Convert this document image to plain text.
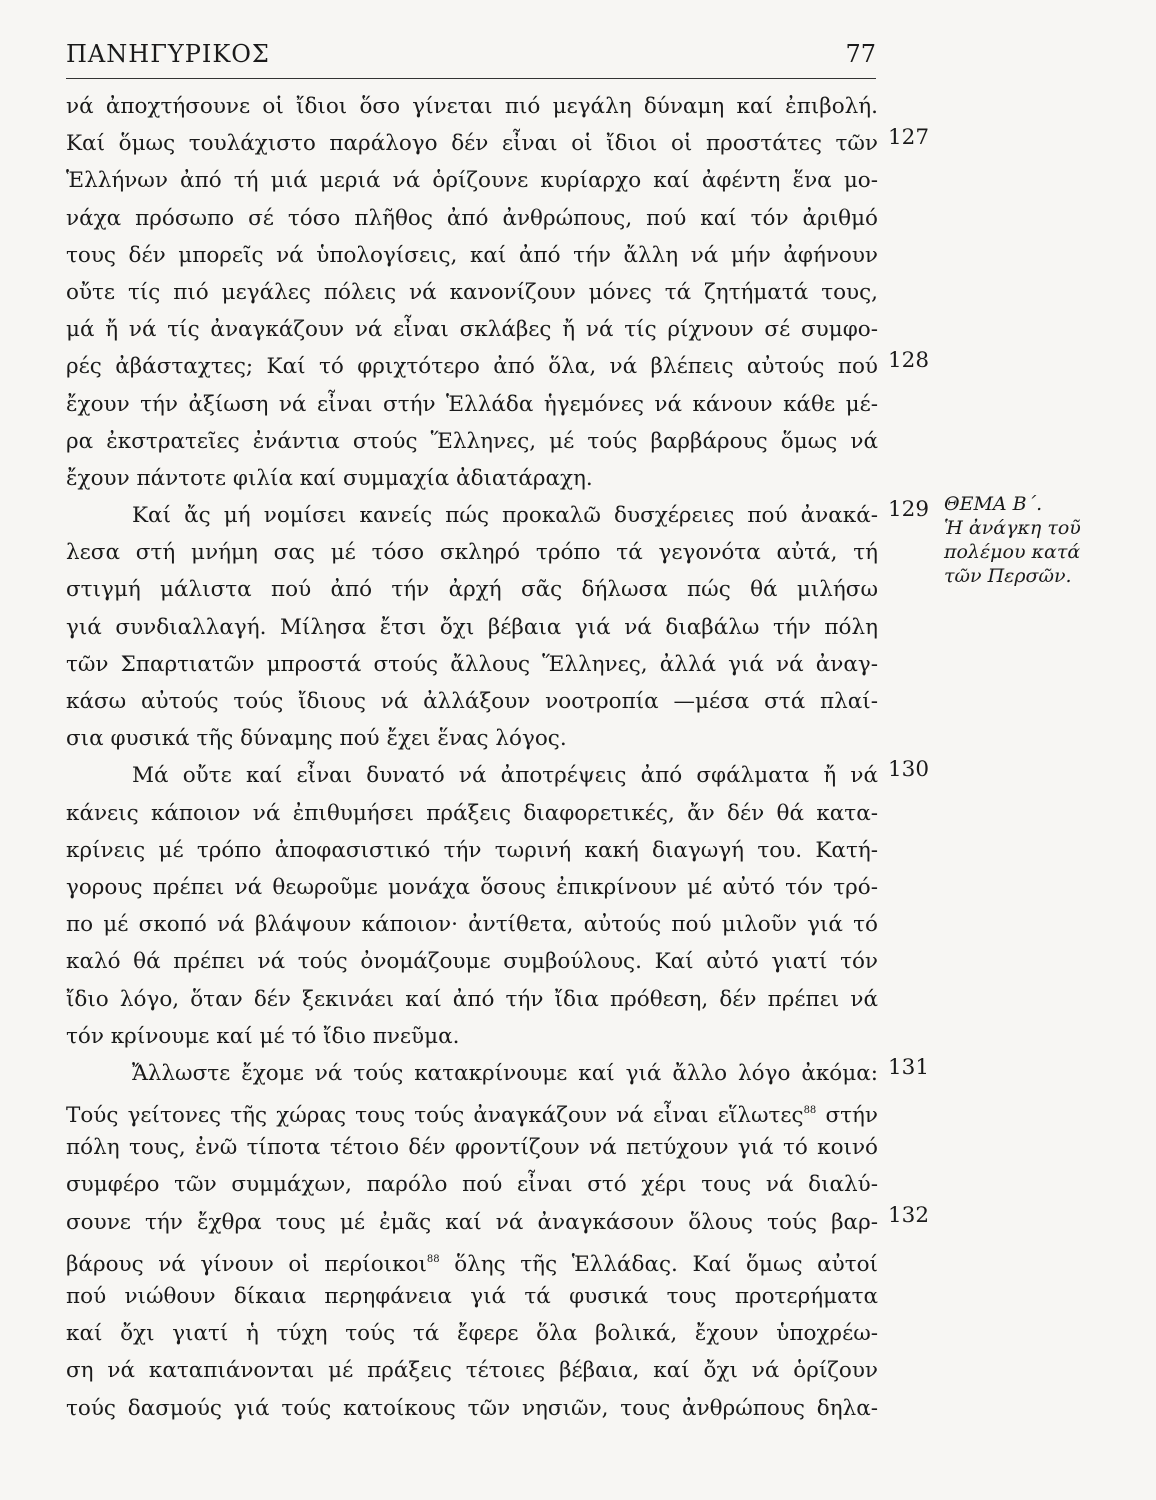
ΠΑΝΗΓΥΡΙΚΟΣ	77
νά ἀποχτήσουνε οἱ ἴδιοι ὅσο γίνεται πιό μεγάλη δύναμη καί ἐπιβολή.
Καί ὅμως τουλάχιστο παράλογο δέν εἶναι οἱ ἴδιοι οἱ προστάτες τῶν
Ἑλλήνων ἀπό τή μιά μεριά νά ὁρίζουνε κυρίαρχο καί ἀφέντη ἕνα μο-
νάχα πρόσωπο σέ τόσο πλῆθος ἀπό ἀνθρώπους, πού καί τόν ἀριθμό
τους δέν μπορεῖς νά ὑπολογίσεις, καί ἀπό τήν ἄλλη νά μήν ἀφήνουν
οὔτε τίς πιό μεγάλες πόλεις νά κανονίζουν μόνες τά ζητήματά τους,
μά ἤ νά τίς ἀναγκάζουν νά εἶναι σκλάβες ἤ νά τίς ρίχνουν σέ συμφο-
ρές ἀβάσταχτες; Καί τό φριχτότερο ἀπό ὅλα, νά βλέπεις αὐτούς πού
ἔχουν τήν ἀξίωση νά εἶναι στήν Ἑλλάδα ἡγεμόνες νά κάνουν κάθε μέ-
ρα ἐκστρατεῖες ἐνάντια στούς Ἕλληνες, μέ τούς βαρβάρους ὅμως νά
ἔχουν πάντοτε φιλία καί συμμαχία ἀδιατάραχη.
Καί ἄς μή νομίσει κανείς πώς προκαλῶ δυσχέρειες πού ἀνακά-
λεσα στή μνήμη σας μέ τόσο σκληρό τρόπο τά γεγονότα αὐτά, τή
στιγμή μάλιστα πού ἀπό τήν ἀρχή σᾶς δήλωσα πώς θά μιλήσω
γιά συνδιαλλαγή. Μίλησα ἔτσι ὄχι βέβαια γιά νά διαβάλω τήν πόλη
τῶν Σπαρτιατῶν μπροστά στούς ἄλλους Ἕλληνες, ἀλλά γιά νά ἀναγ-
κάσω αὐτούς τούς ἴδιους νά ἀλλάξουν νοοτροπία —μέσα στά πλαί-
σια φυσικά τῆς δύναμης πού ἔχει ἕνας λόγος.
Μά οὔτε καί εἶναι δυνατό νά ἀποτρέψεις ἀπό σφάλματα ἤ νά
κάνεις κάποιον νά ἐπιθυμήσει πράξεις διαφορετικές, ἄν δέν θά κατα-
κρίνεις μέ τρόπο ἀποφασιστικό τήν τωρινή κακή διαγωγή του. Κατή-
γορους πρέπει νά θεωροῦμε μονάχα ὅσους ἐπικρίνουν μέ αὐτό τόν τρό-
πο μέ σκοπό νά βλάψουν κάποιον· ἀντίθετα, αὐτούς πού μιλοῦν γιά τό
καλό θά πρέπει νά τούς ὀνομάζουμε συμβούλους. Καί αὐτό γιατί τόν
ἴδιο λόγο, ὅταν δέν ξεκινάει καί ἀπό τήν ἴδια πρόθεση, δέν πρέπει νά
τόν κρίνουμε καί μέ τό ἴδιο πνεῦμα.
Ἄλλωστε ἔχομε νά τούς κατακρίνουμε καί γιά ἄλλο λόγο ἀκόμα:
Τούς γείτονες τῆς χώρας τους τούς ἀναγκάζουν νά εἶναι εἵλωτες$^{88}$ στήν
πόλη τους, ἐνῶ τίποτα τέτοιο δέν φροντίζουν νά πετύχουν γιά τό κοινό
συμφέρο τῶν συμμάχων, παρόλο πού εἶναι στό χέρι τους νά διαλύ-
σουνε τήν ἔχθρα τους μέ ἐμᾶς καί νά ἀναγκάσουν ὅλους τούς βαρ-
βάρους νά γίνουν οἱ περίοικοι$^{88}$ ὅλης τῆς Ἑλλάδας. Καί ὅμως αὐτοί
πού νιώθουν δίκαια περηφάνεια γιά τά φυσικά τους προτερήματα
καί ὄχι γιατί ἡ τύχη τούς τά ἔφερε ὅλα βολικά, ἔχουν ὑποχρέω-
ση νά καταπιάνονται μέ πράξεις τέτοιες βέβαια, καί ὄχι νά ὁρίζουν
τούς δασμούς γιά τούς κατοίκους τῶν νησιῶν, τους ἀνθρώπους δηλα-
127
128
129
130
131
132
ΘΕΜΑ Β΄.
Ἡ ἀνάγκη τοῦ
πολέμου κατά
τῶν Περσῶν.
